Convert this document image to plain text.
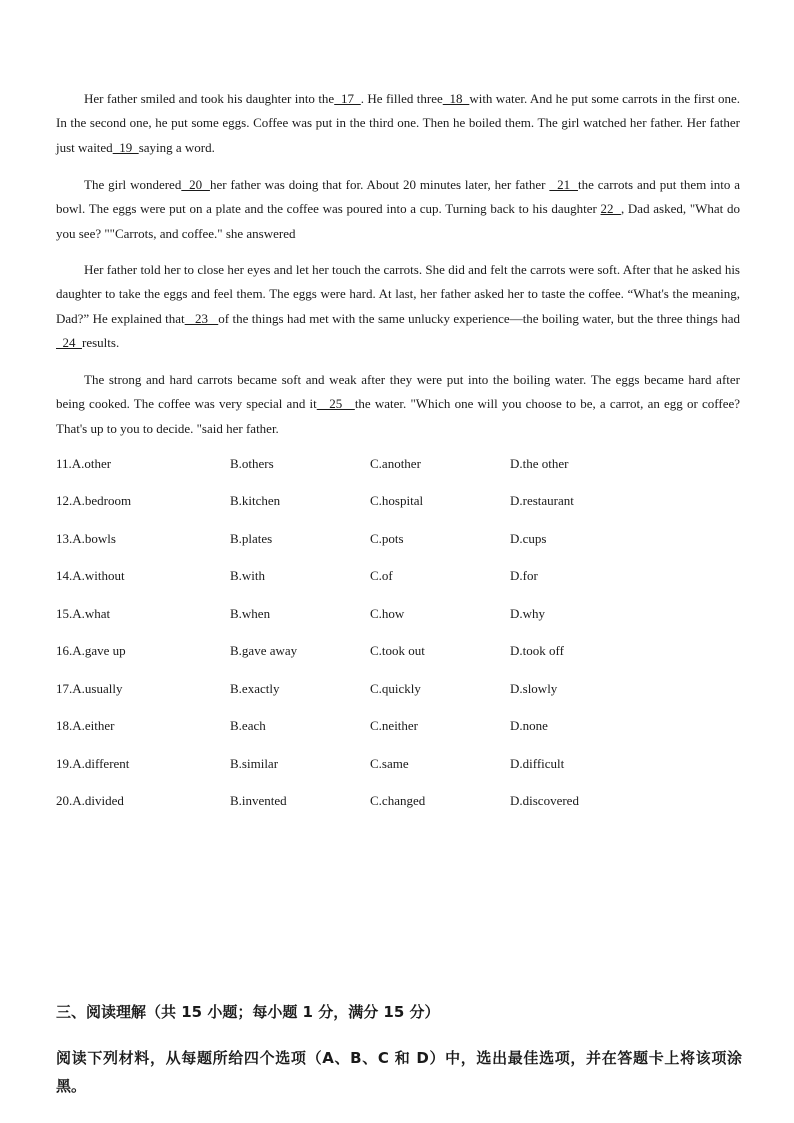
Her father smiled and took his daughter into the  17  . He filled three  18  with water. And he put some carrots in the first one. In the second one, he put some eggs. Coffee was put in the third one. Then he boiled them. The girl watched her father. Her father just waited  19  saying a word.

The girl wondered  20  her father was doing that for. About 20 minutes later, her father   21  the carrots and put them into a bowl. The eggs were put on a plate and the coffee was poured into a cup. Turning back to his daughter 22  , Dad asked, "What do you see? ""Carrots, and coffee." she answered

Her father told her to close her eyes and let her touch the carrots. She did and felt the carrots were soft. After that he asked his daughter to take the eggs and feel them. The eggs were hard. At last, her father asked her to taste the coffee. “What's the meaning, Dad?” He explained that   23   of the things had met with the same unlucky experience—the boiling water, but the three things had   24  results.

The strong and hard carrots became soft and weak after they were put into the boiling water. The eggs became hard after being cooked. The coffee was very special and it   25   the water. "Which one will you choose to be, a carrot, an egg or coffee? That's up to you to decide. "said her father.

11.A.other	B.others	C.another	D.the other
12.A.bedroom	B.kitchen	C.hospital	D.restaurant
13.A.bowls	B.plates	C.pots	D.cups
14.A.without	B.with	C.of	D.for
15.A.what	B.when	C.how	D.why
16.A.gave up	B.gave away	C.took out	D.took off
17.A.usually	B.exactly	C.quickly	D.slowly
18.A.either	B.each	C.neither	D.none
19.A.different	B.similar	C.same	D.difficult
20.A.divided	B.invented	C.changed	D.discovered
三、阅读理解（共 15 小题；每小题 1 分，满分 15 分）

阅读下列材料，从每题所给四个选项（A、B、C 和 D）中，选出最佳选项，并在答题卡上将该项涂黑。
